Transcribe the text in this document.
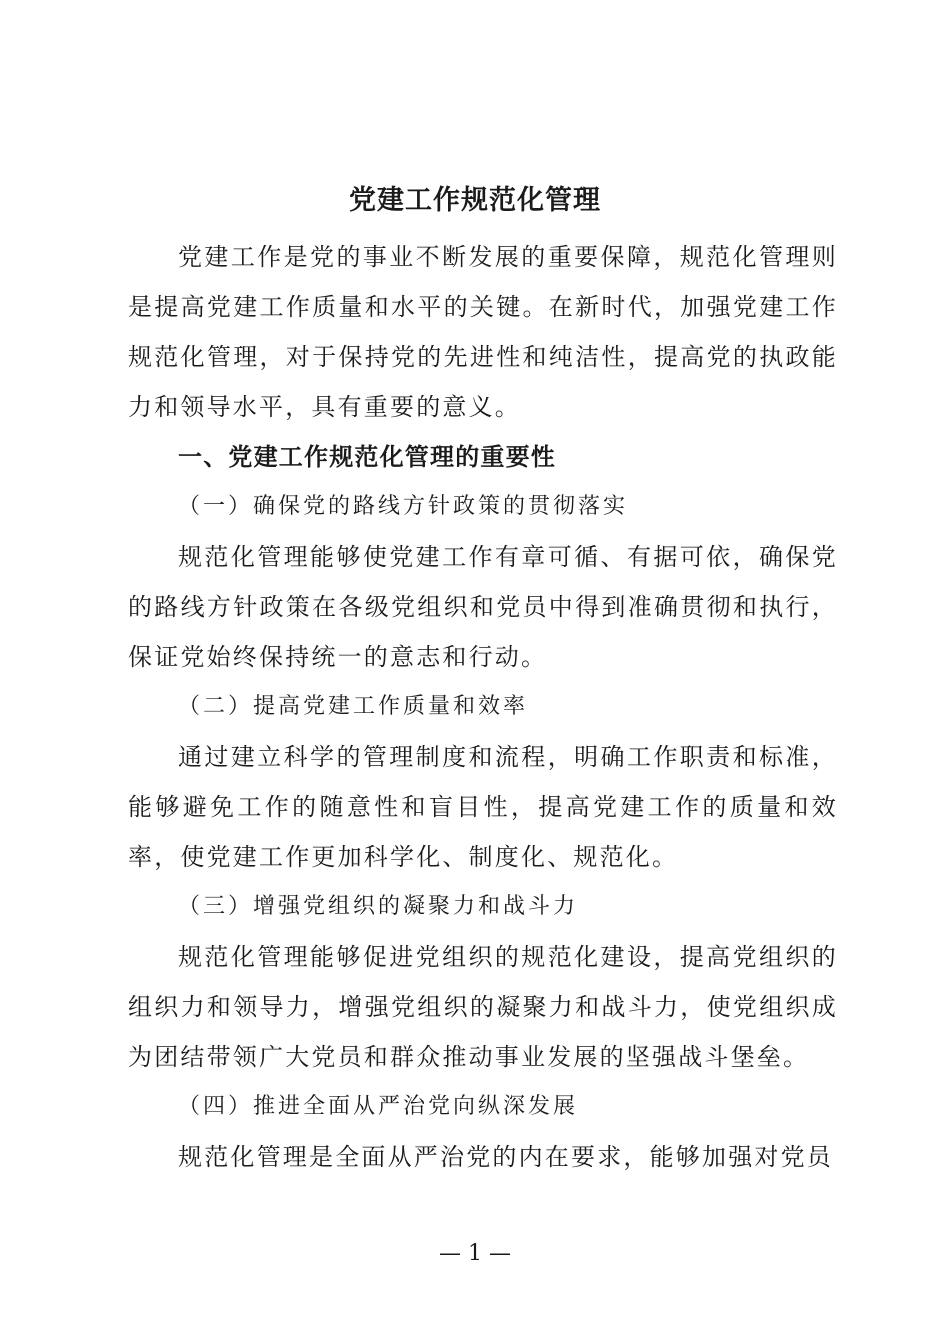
党建工作规范化管理
党建工作是党的事业不断发展的重要保障，规范化管理则是提高党建工作质量和水平的关键。在新时代，加强党建工作规范化管理，对于保持党的先进性和纯洁性，提高党的执政能力和领导水平，具有重要的意义。
一、党建工作规范化管理的重要性
（一）确保党的路线方针政策的贯彻落实
规范化管理能够使党建工作有章可循、有据可依，确保党的路线方针政策在各级党组织和党员中得到准确贯彻和执行，保证党始终保持统一的意志和行动。
（二）提高党建工作质量和效率
通过建立科学的管理制度和流程，明确工作职责和标准，能够避免工作的随意性和盲目性，提高党建工作的质量和效率，使党建工作更加科学化、制度化、规范化。
（三）增强党组织的凝聚力和战斗力
规范化管理能够促进党组织的规范化建设，提高党组织的组织力和领导力，增强党组织的凝聚力和战斗力，使党组织成为团结带领广大党员和群众推动事业发展的坚强战斗堡垒。
（四）推进全面从严治党向纵深发展
规范化管理是全面从严治党的内在要求，能够加强对党员
— 1 —
